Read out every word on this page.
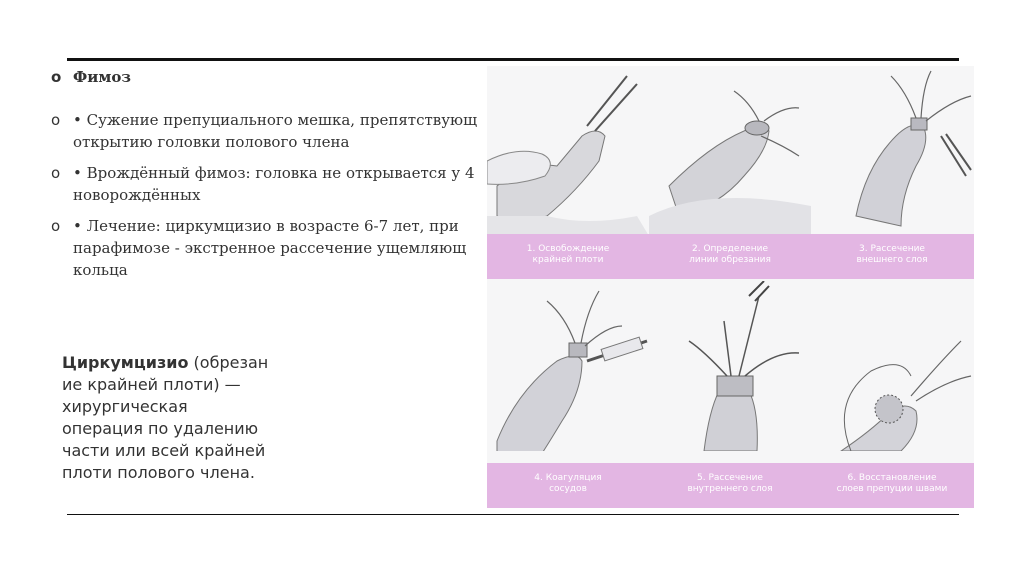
o Фимоз
o • Сужение препуциального мешка, препятствующ
открытию головки полового члена
o • Врождённый фимоз: головка не открывается у 4
новорождённых
o • Лечение: циркумцизио в возрасте 6-7 лет, при
парафимозе - экстренное рассечение ущемляющ
кольца
Циркумцизио (обрезан
ие крайней плоти) —
хирургическая
операция по удалению
части или всей крайней
плоти полового члена.
1. Освобождение
крайней плоти
2. Определение
линии обрезания
3. Рассечение
внешнего слоя
4. Коагуляция
сосудов
5. Рассечение
внутреннего слоя
6. Восстановление
слоев препуции швами
